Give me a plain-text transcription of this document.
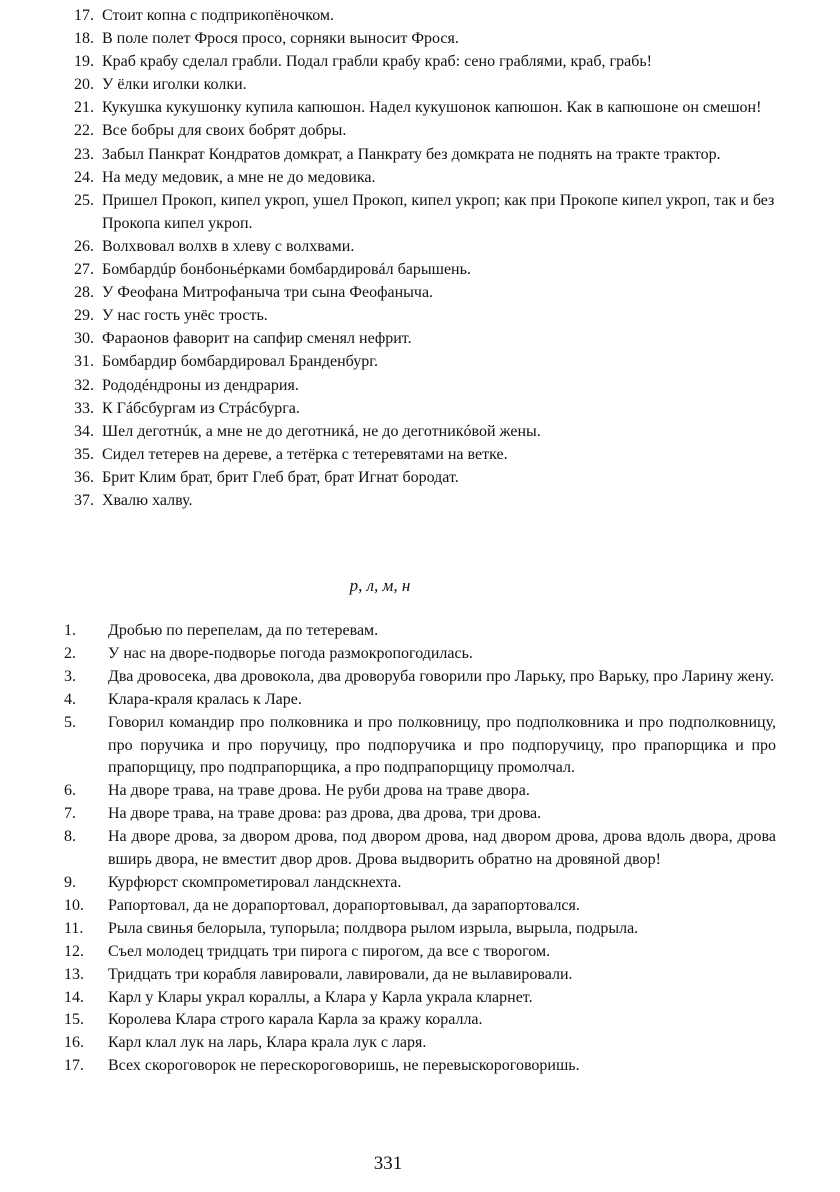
17. Стоит копна с подприкопёночком.
18. В поле полет Фрося просо, сорняки выносит Фрося.
19. Краб крабу сделал грабли. Подал грабли крабу краб: сено граблями, краб, грабь!
20. У ёлки иголки колки.
21. Кукушка кукушонку купила капюшон. Надел кукушонок капюшон. Как в капюшоне он смешон!
22. Все бобры для своих бобрят добры.
23. Забыл Панкрат Кондратов домкрат, а Панкрату без домкрата не поднять на тракте трактор.
24. На меду медовик, а мне не до медовика.
25. Пришел Прокоп, кипел укроп, ушел Прокоп, кипел укроп; как при Прокопе кипел укроп, так и без Прокопа кипел укроп.
26. Волхвовал волхв в хлеву с волхвами.
27. Бомбардúр бонбоньéрками бомбардировáл барышень.
28. У Феофана Митрофаныча три сына Феофаныча.
29. У нас гость унёс трость.
30. Фараонов фаворит на сапфир сменял нефрит.
31. Бомбардир бомбардировал Бранденбург.
32. Рододéндроны из дендрария.
33. К Гáбсбургам из Стрáсбурга.
34. Шел деготнúк, а мне не до деготникá, не до деготникóвой жены.
35. Сидел тетерев на дереве, а тетёрка с тетеревятами на ветке.
36. Брит Клим брат, брит Глеб брат, брат Игнат бородат.
37. Хвалю халву.
р, л, м, н
1.	Дробью по перепелам, да по тетеревам.
2.	У нас на дворе-подворье погода размокропогодилась.
3.	Два дровосека, два дровокола, два дроворуба говорили про Ларьку, про Варьку, про Ларину жену.
4.	Клара-краля кралась к Ларе.
5.	Говорил командир про полковника и про полковницу, про подполковника и про подполковницу, про поручика и про поручицу, про подпоручика и про подпоручицу, про прапорщика и про прапорщицу, про подпрапорщика, а про подпрапорщицу промолчал.
6.	На дворе трава, на траве дрова. Не руби дрова на траве двора.
7.	На дворе трава, на траве дрова: раз дрова, два дрова, три дрова.
8.	На дворе дрова, за двором дрова, под двором дрова, над двором дрова, дрова вдоль двора, дрова вширь двора, не вместит двор дров. Дрова выдворить обратно на дровяной двор!
9.	Курфюрст скомпрометировал ландскнехта.
10.	Рапортовал, да не дорапортовал, дорапортовывал, да зарапортовался.
11.	Рыла свинья белорыла, тупорыла; полдвора рылом изрыла, вырыла, подрыла.
12.	Съел молодец тридцать три пирога с пирогом, да все с творогом.
13.	Тридцать три корабля лавировали, лавировали, да не вылавировали.
14.	Карл у Клары украл кораллы, а Клара у Карла украла кларнет.
15.	Королева Клара строго карала Карла за кражу коралла.
16.	Карл клал лук на ларь, Клара крала лук с ларя.
17.	Всех скороговорок не перескороговоришь, не перевыскороговоришь.
331
